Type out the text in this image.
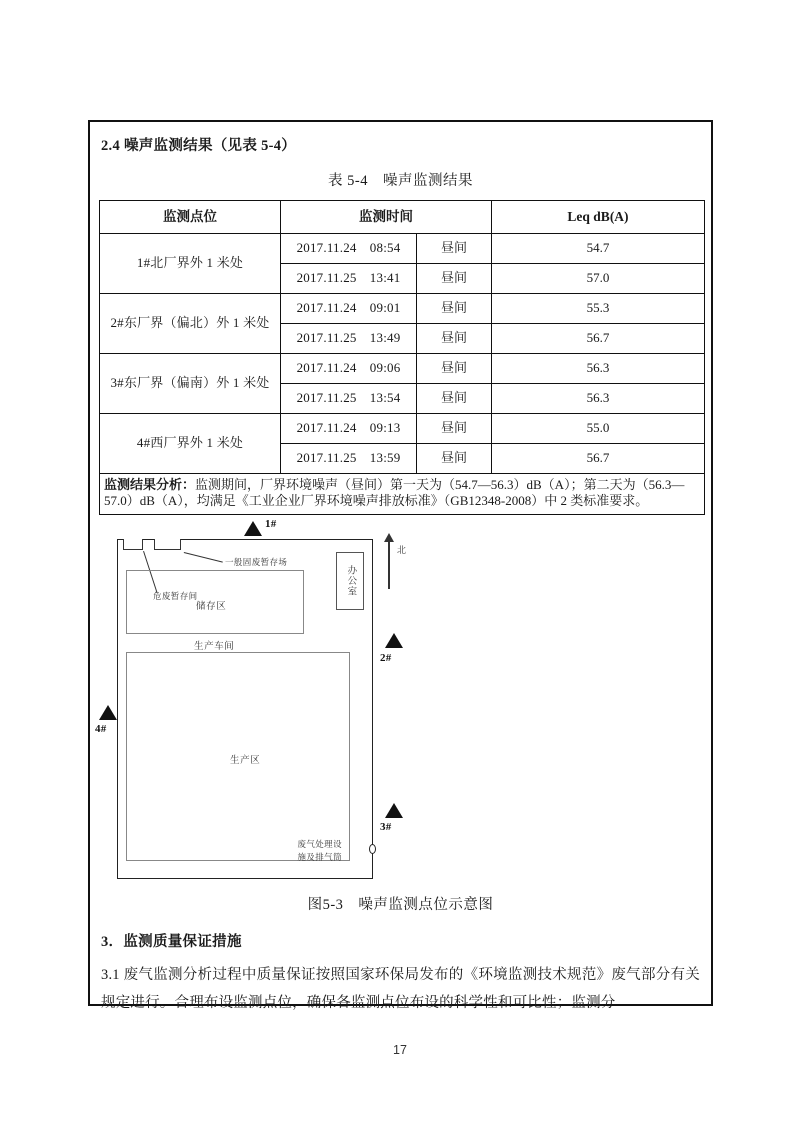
2.4 噪声监测结果（见表 5-4）
表 5-4　噪声监测结果
监测点位	监测时间		Leq dB(A)
1#北厂界外 1 米处	2017.11.24　08:54	昼间	54.7
	2017.11.25　13:41	昼间	57.0
2#东厂界（偏北）外 1 米处	2017.11.24　09:01	昼间	55.3
	2017.11.25　13:49	昼间	56.7
3#东厂界（偏南）外 1 米处	2017.11.24　09:06	昼间	56.3
	2017.11.25　13:54	昼间	56.3
4#西厂界外 1 米处	2017.11.24　09:13	昼间	55.0
	2017.11.25　13:59	昼间	56.7
监测结果分析：监测期间，厂界环境噪声（昼间）第一天为（54.7—56.3）dB（A）；第二天为（56.3—57.0）dB（A），均满足《工业企业厂界环境噪声排放标准》（GB12348-2008）中 2 类标准要求。			
1#
2#
3#
4#
北
一般固废暂存场
危废暂存间	办公室
储存区
生产车间
生产区
废气处理设
施及排气筒
图5-3　噪声监测点位示意图
3．监测质量保证措施
3.1 废气监测分析过程中质量保证按照国家环保局发布的《环境监测技术规范》废气部分有关规定进行。合理布设监测点位，确保各监测点位布设的科学性和可比性；监测分
17
